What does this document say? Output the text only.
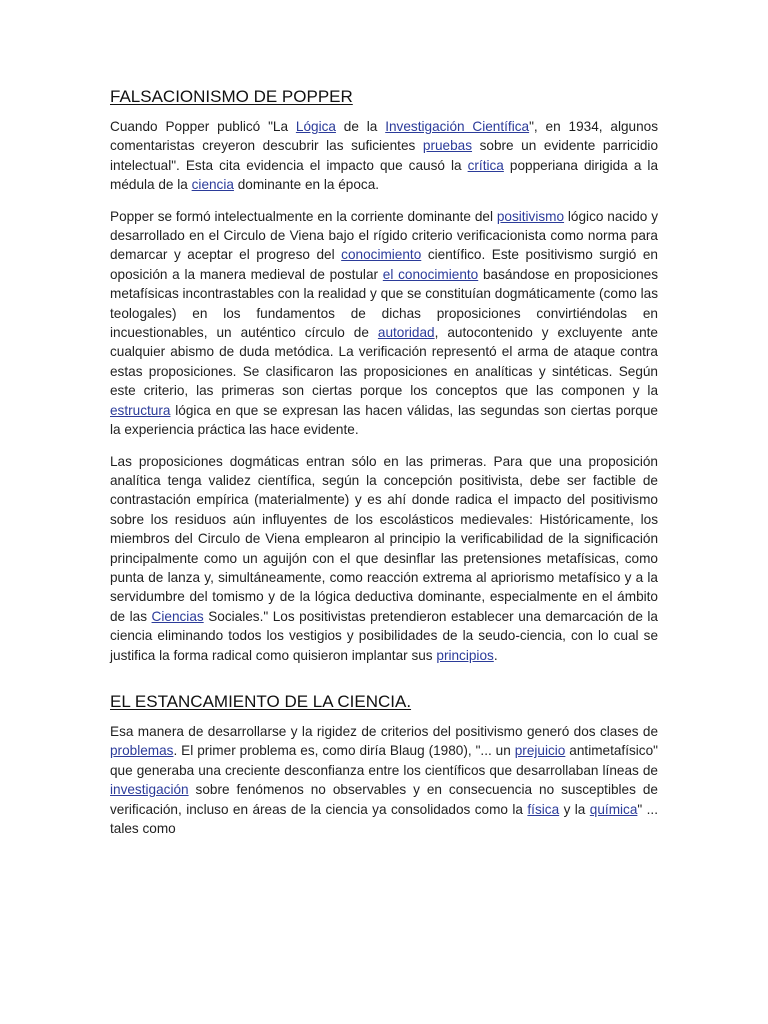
FALSACIONISMO DE POPPER

Cuando Popper publicó "La Lógica de la Investigación Científica", en 1934, algunos comentaristas creyeron descubrir las suficientes pruebas sobre un evidente parricidio intelectual". Esta cita evidencia el impacto que causó la crítica popperiana dirigida a la médula de la ciencia dominante en la época.

Popper se formó intelectualmente en la corriente dominante del positivismo lógico nacido y desarrollado en el Circulo de Viena bajo el rígido criterio verificacionista como norma para demarcar y aceptar el progreso del conocimiento científico. Este positivismo surgió en oposición a la manera medieval de postular el conocimiento basándose en proposiciones metafísicas incontrastables con la realidad y que se constituían dogmáticamente (como las teologales) en los fundamentos de dichas proposiciones convirtiéndolas en incuestionables, un auténtico círculo de autoridad, autocontenido y excluyente ante cualquier abismo de duda metódica. La verificación representó el arma de ataque contra estas proposiciones. Se clasificaron las proposiciones en analíticas y sintéticas. Según este criterio, las primeras son ciertas porque los conceptos que las componen y la estructura lógica en que se expresan las hacen válidas, las segundas son ciertas porque la experiencia práctica las hace evidente.

Las proposiciones dogmáticas entran sólo en las primeras. Para que una proposición analítica tenga validez científica, según la concepción positivista, debe ser factible de contrastación empírica (materialmente) y es ahí donde radica el impacto del positivismo sobre los residuos aún influyentes de los escolásticos medievales: Históricamente, los miembros del Circulo de Viena emplearon al principio la verificabilidad de la significación principalmente como un aguijón con el que desinflar las pretensiones metafísicas, como punta de lanza y, simultáneamente, como reacción extrema al apriorismo metafísico y a la servidumbre del tomismo y de la lógica deductiva dominante, especialmente en el ámbito de las Ciencias Sociales." Los positivistas pretendieron establecer una demarcación de la ciencia eliminando todos los vestigios y posibilidades de la seudo-ciencia, con lo cual se justifica la forma radical como quisieron implantar sus principios.

EL ESTANCAMIENTO DE LA CIENCIA.

Esa manera de desarrollarse y la rigidez de criterios del positivismo generó dos clases de problemas. El primer problema es, como diría Blaug (1980), "... un prejuicio antimetafísico" que generaba una creciente desconfianza entre los científicos que desarrollaban líneas de investigación sobre fenómenos no observables y en consecuencia no susceptibles de verificación, incluso en áreas de la ciencia ya consolidados como la física y la química" ... tales como
